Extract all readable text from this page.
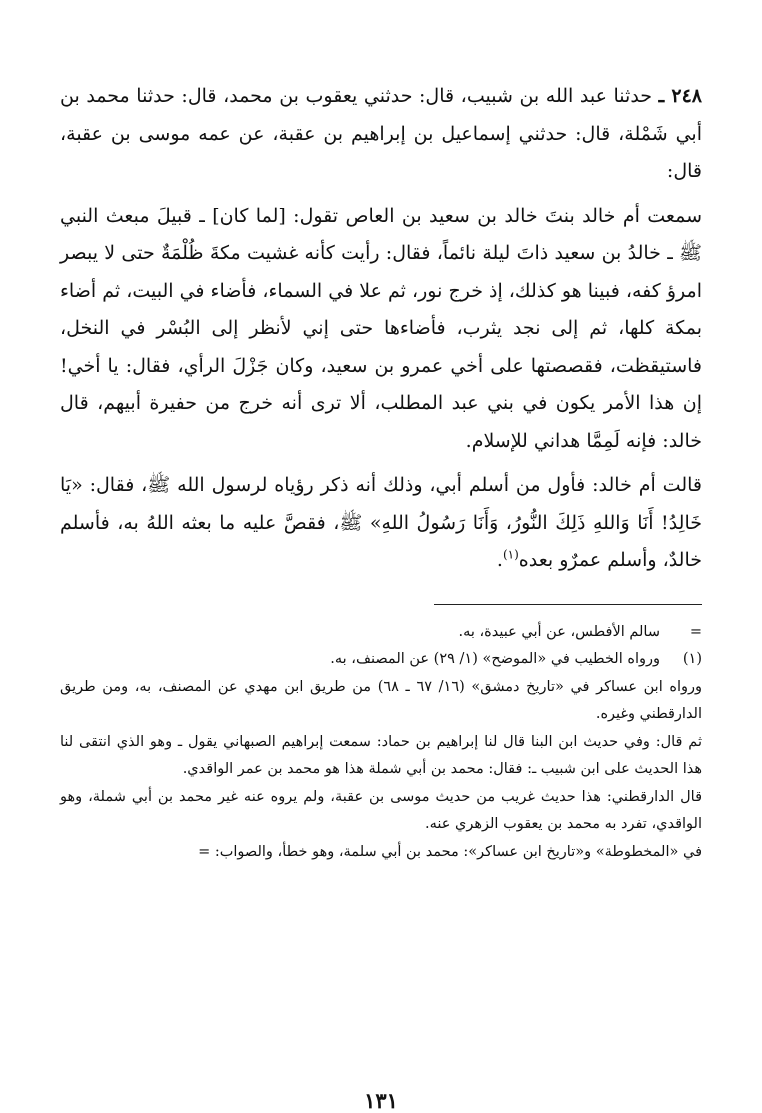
٢٤٨ ـ حدثنا عبد الله بن شبيب، قال: حدثني يعقوب بن محمد، قال: حدثنا محمد بن أبي شَمْلة، قال: حدثني إسماعيل بن إبراهيم بن عقبة، عن عمه موسى بن عقبة، قال:

سمعت أم خالد بنتَ خالد بن سعيد بن العاص تقول: [لما كان] ـ قبيلَ مبعث النبي ﷺ ـ خالدُ بن سعيد ذاتَ ليلة نائماً، فقال: رأيت كأنه غشيت مكةَ ظُلْمَةٌ حتى لا يبصر امرؤ كفه، فبينا هو كذلك، إذ خرج نور، ثم علا في السماء، فأضاء في البيت، ثم أضاء بمكة كلها، ثم إلى نجد يثرب، فأضاءها حتى إني لأنظر إلى البُسْر في النخل، فاستيقظت، فقصصتها على أخي عمرو بن سعيد، وكان جَزْلَ الرأي، فقال: يا أخي! إن هذا الأمر يكون في بني عبد المطلب، ألا ترى أنه خرج من حفيرة أبيهم، قال خالد: فإنه لَمِمَّا هداني للإسلام.

قالت أم خالد: فأول من أسلم أبي، وذلك أنه ذكر رؤياه لرسول الله ﷺ، فقال: «يَا خَالِدُ! أَنَا وَاللهِ ذَلِكَ النُّورُ، وَأَنَا رَسُولُ اللهِ» ﷺ، فقصَّ عليه ما بعثه اللهُ به، فأسلم خالدٌ، وأسلم عمرٌو بعده$^{(١)}$.

=

سالم الأفطس، عن أبي عبيدة، به.

(١)

ورواه الخطيب في «الموضح» (١/ ٢٩) عن المصنف، به.

ورواه ابن عساكر في «تاريخ دمشق» (١٦/ ٦٧ ـ ٦٨) من طريق ابن مهدي عن المصنف، به، ومن طريق الدارقطني وغيره.

ثم قال: وفي حديث ابن البنا قال لنا إبراهيم بن حماد: سمعت إبراهيم الصبهاني يقول ـ وهو الذي انتقى لنا هذا الحديث على ابن شبيب ـ: فقال: محمد بن أبي شملة هذا هو محمد بن عمر الواقدي.

قال الدارقطني: هذا حديث غريب من حديث موسى بن عقبة، ولم يروه عنه غير محمد بن أبي شملة، وهو الواقدي، تفرد به محمد بن يعقوب الزهري عنه.

في «المخطوطة» و«تاريخ ابن عساكر»: محمد بن أبي سلمة، وهو خطأ، والصواب: =

١٣١
